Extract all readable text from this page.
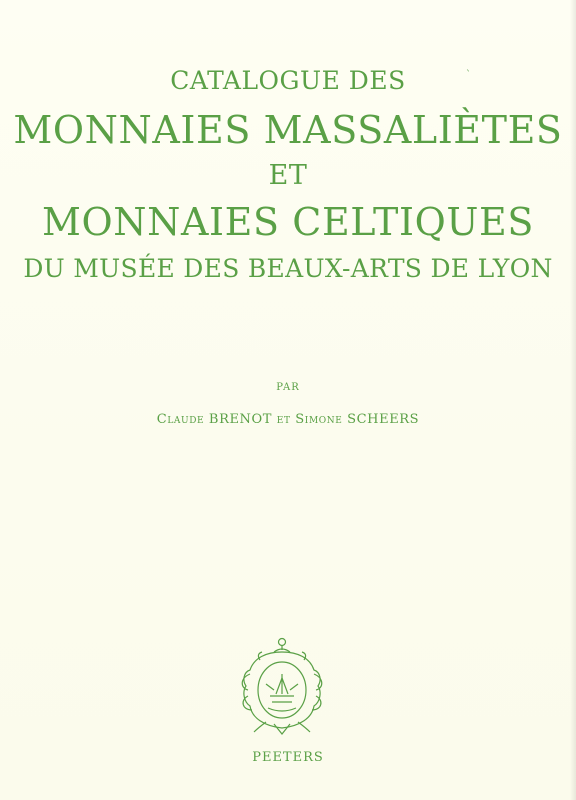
ˋ
CATALOGUE DES
MONNAIES MASSALIÈTES
ET
MONNAIES CELTIQUES
DU MUSÉE DES BEAUX-ARTS DE LYON
PAR
Claude BRENOT et Simone SCHEERS
PEETERS
